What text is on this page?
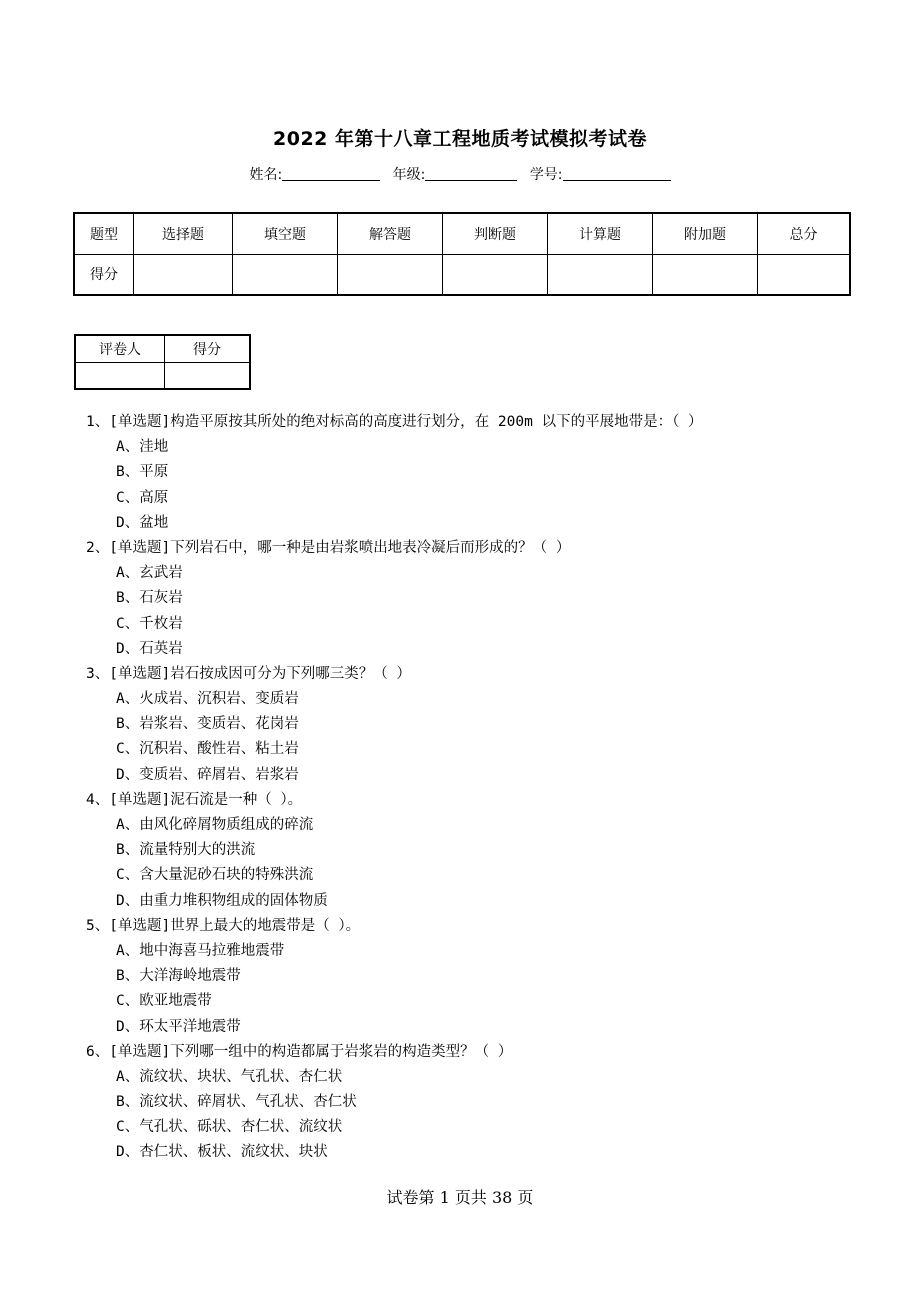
2022 年第十八章工程地质考试模拟考试卷
姓名:	年级:	学号:
题型	选择题	填空题	解答题	判断题	计算题	附加题	总分
得分							
评卷人	得分

1、[单选题]构造平原按其所处的绝对标高的高度进行划分，在 200m 以下的平展地带是：（ ）
A、洼地
B、平原
C、高原
D、盆地
2、[单选题]下列岩石中，哪一种是由岩浆喷出地表冷凝后而形成的？（ ）
A、玄武岩
B、石灰岩
C、千枚岩
D、石英岩
3、[单选题]岩石按成因可分为下列哪三类？（ ）
A、火成岩、沉积岩、变质岩
B、岩浆岩、变质岩、花岗岩
C、沉积岩、酸性岩、粘土岩
D、变质岩、碎屑岩、岩浆岩
4、[单选题]泥石流是一种（ ）。
A、由风化碎屑物质组成的碎流
B、流量特别大的洪流
C、含大量泥砂石块的特殊洪流
D、由重力堆积物组成的固体物质
5、[单选题]世界上最大的地震带是（ ）。
A、地中海喜马拉雅地震带
B、大洋海岭地震带
C、欧亚地震带
D、环太平洋地震带
6、[单选题]下列哪一组中的构造都属于岩浆岩的构造类型？（ ）
A、流纹状、块状、气孔状、杏仁状
B、流纹状、碎屑状、气孔状、杏仁状
C、气孔状、砾状、杏仁状、流纹状
D、杏仁状、板状、流纹状、块状
试卷第 1 页共 38 页
